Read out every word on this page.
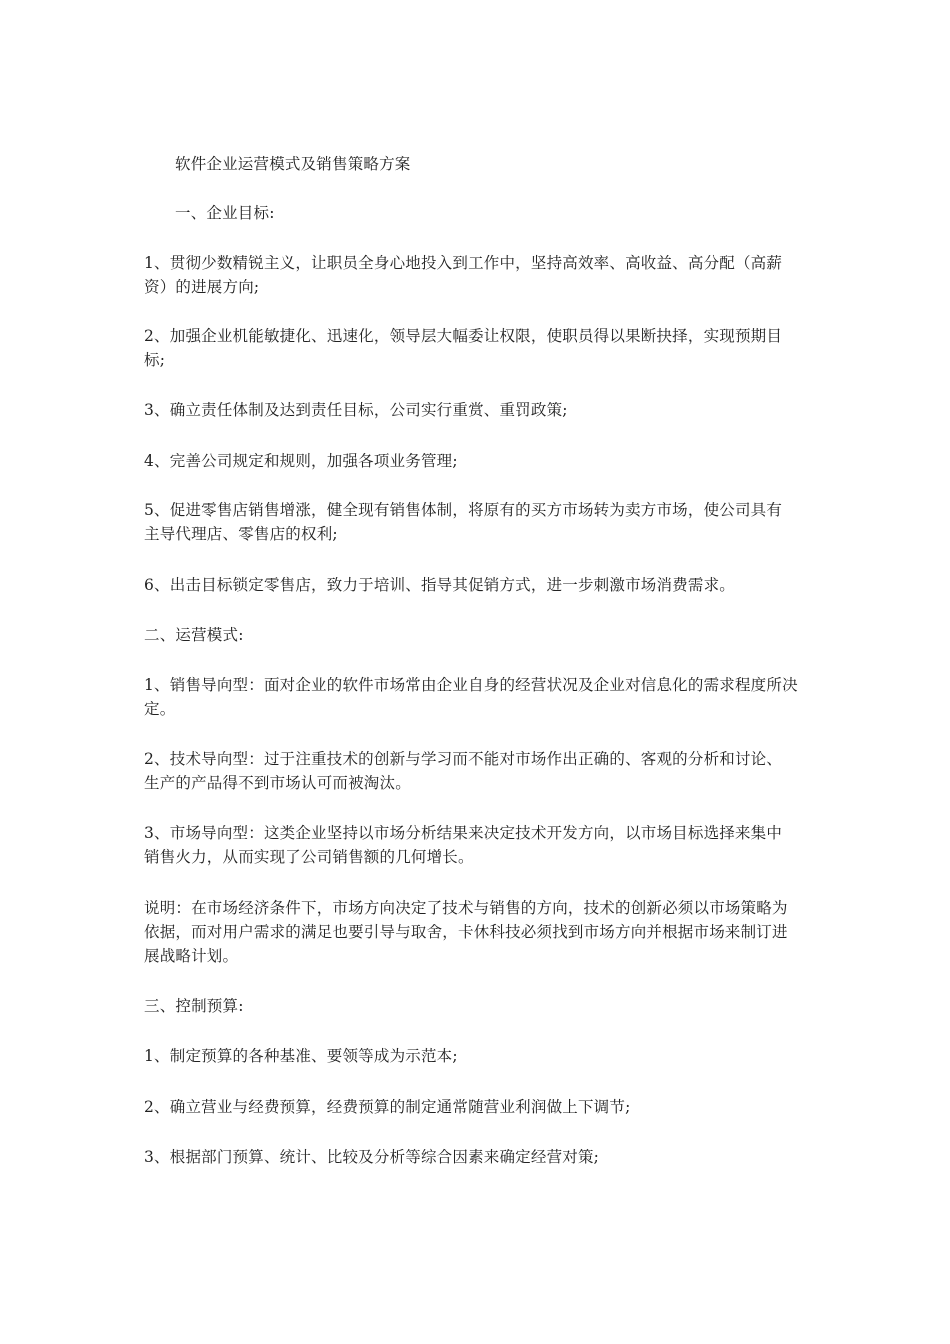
软件企业运营模式及销售策略方案
一、企业目标:
1、贯彻少数精锐主义，让职员全身心地投入到工作中，坚持高效率、高收益、高分配（高薪
资）的进展方向;
2、加强企业机能敏捷化、迅速化，领导层大幅委让权限，使职员得以果断抉择，实现预期目
标;
3、确立责任体制及达到责任目标，公司实行重赏、重罚政策;
4、完善公司规定和规则，加强各项业务管理;
5、促进零售店销售增涨，健全现有销售体制，将原有的买方市场转为卖方市场，使公司具有
主导代理店、零售店的权利;
6、出击目标锁定零售店，致力于培训、指导其促销方式，进一步刺激市场消费需求。
二、运营模式:
1、销售导向型：面对企业的软件市场常由企业自身的经营状况及企业对信息化的需求程度所决
定。
2、技术导向型：过于注重技术的创新与学习而不能对市场作出正确的、客观的分析和讨论、
生产的产品得不到市场认可而被淘汰。
3、市场导向型：这类企业坚持以市场分析结果来决定技术开发方向，以市场目标选择来集中
销售火力，从而实现了公司销售额的几何增长。
说明：在市场经济条件下，市场方向决定了技术与销售的方向，技术的创新必须以市场策略为
依据，而对用户需求的满足也要引导与取舍，卡休科技必须找到市场方向并根据市场来制订进
展战略计划。
三、控制预算:
1、制定预算的各种基准、要领等成为示范本;
2、确立营业与经费预算，经费预算的制定通常随营业利润做上下调节;
3、根据部门预算、统计、比较及分析等综合因素来确定经营对策;
